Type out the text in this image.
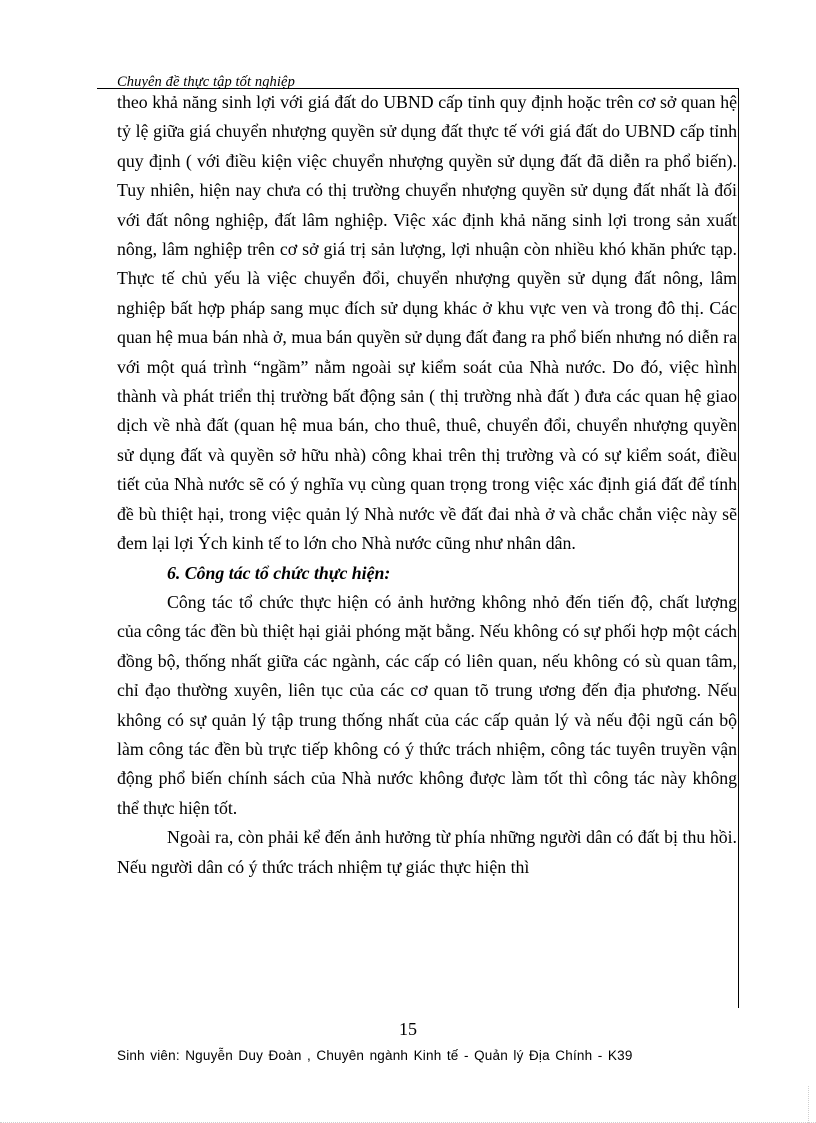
Chuyên đề thực tập tốt nghiệp

theo khả năng sinh lợi với giá đất do UBND cấp tỉnh quy định hoặc trên cơ sở quan hệ tỷ lệ giữa giá chuyển nhượng quyền sử dụng đất thực tế với giá đất do UBND cấp tỉnh quy định ( với điều kiện việc chuyển nhượng quyền sử dụng đất đã diễn ra phổ biến). Tuy nhiên, hiện nay chưa có thị trường chuyển nhượng quyền sử dụng đất nhất là đối với đất nông nghiệp, đất lâm nghiệp. Việc xác định khả năng sinh lợi trong sản xuất nông, lâm nghiệp trên cơ sở giá trị sản lượng, lợi nhuận còn nhiều khó khăn phức tạp. Thực tế chủ yếu là việc chuyển đổi, chuyển nhượng quyền sử dụng đất nông, lâm nghiệp bất hợp pháp sang mục đích sử dụng khác ở khu vực ven và trong đô thị. Các quan hệ mua bán nhà ở, mua bán quyền sử dụng đất đang ra phổ biến nhưng nó diễn ra với một quá trình “ngầm” nằm ngoài sự kiểm soát của Nhà nước. Do đó, việc hình thành và phát triển thị trường bất động sản ( thị trường nhà đất ) đưa các quan hệ giao dịch về nhà đất (quan hệ mua bán, cho thuê, thuê, chuyển đổi, chuyển nhượng quyền sử dụng đất và quyền sở hữu nhà) công khai trên thị trường và có sự kiểm soát, điều tiết của Nhà nước sẽ có ý nghĩa vụ cùng quan trọng trong việc xác định giá đất để tính đề bù thiệt hại, trong việc quản lý Nhà nước về đất đai nhà ở và chắc chắn việc này sẽ đem lại lợi Ých kinh tế to lớn cho Nhà nước cũng như nhân dân.

6. Công tác tổ chức thực hiện:

Công tác tổ chức thực hiện có ảnh hưởng không nhỏ đến tiến độ, chất lượng của công tác đền bù thiệt hại giải phóng mặt bằng. Nếu không có sự phối hợp một cách đồng bộ, thống nhất giữa các ngành, các cấp có liên quan, nếu không có sù quan tâm, chỉ đạo thường xuyên, liên tục của các cơ quan tõ trung ương đến địa phương. Nếu không có sự quản lý tập trung thống nhất của các cấp quản lý và nếu đội ngũ cán bộ làm công tác đền bù trực tiếp không có ý thức trách nhiệm, công tác tuyên truyền vận động phổ biến chính sách của Nhà nước không được làm tốt thì công tác này không thể thực hiện tốt.

Ngoài ra, còn phải kể đến ảnh hưởng từ phía những người dân có đất bị thu hồi. Nếu người dân có ý thức trách nhiệm tự giác thực hiện thì

15
Sinh viên: Nguyễn Duy Đoàn , Chuyên ngành Kinh tế - Quản lý Địa Chính - K39
